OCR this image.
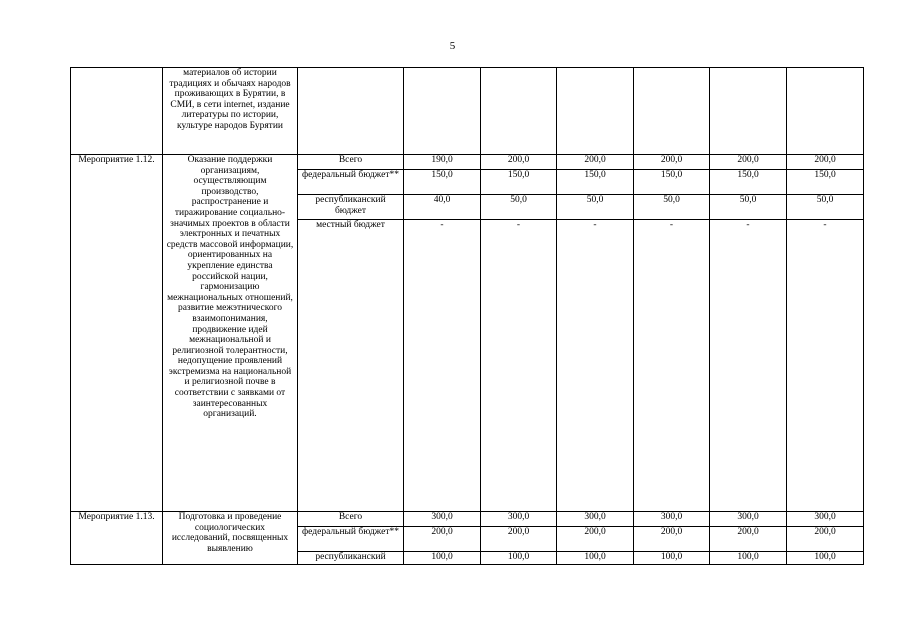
5
	материалов об истории традициях и обычаях народов проживающих в Бурятии, в СМИ, в сети internet, издание литературы по истории, культуре народов Бурятии							
Мероприятие 1.12.	Оказание поддержки организациям, осуществляющим производство, распространение и тиражирование социально-значимых проектов в области электронных и печатных средств массовой информации, ориентированных на укрепление единства российской нации, гармонизацию межнациональных отношений, развитие межэтнического взаимопонимания, продвижение идей межнациональной и религиозной толерантности, недопущение проявлений экстремизма на национальной и религиозной почве в соответствии с заявками от заинтересованных организаций.	Всего	190,0	200,0	200,0	200,0	200,0	200,0
		федеральный бюджет**	150,0	150,0	150,0	150,0	150,0	150,0
		республиканский бюджет	40,0	50,0	50,0	50,0	50,0	50,0
		местный бюджет	-	-	-	-	-	-
Мероприятие 1.13.	Подготовка и проведение социологических исследований, посвященных выявлению	Всего	300,0	300,0	300,0	300,0	300,0	300,0
		федеральный бюджет**	200,0	200,0	200,0	200,0	200,0	200,0
		республиканский	100,0	100,0	100,0	100,0	100,0	100,0
